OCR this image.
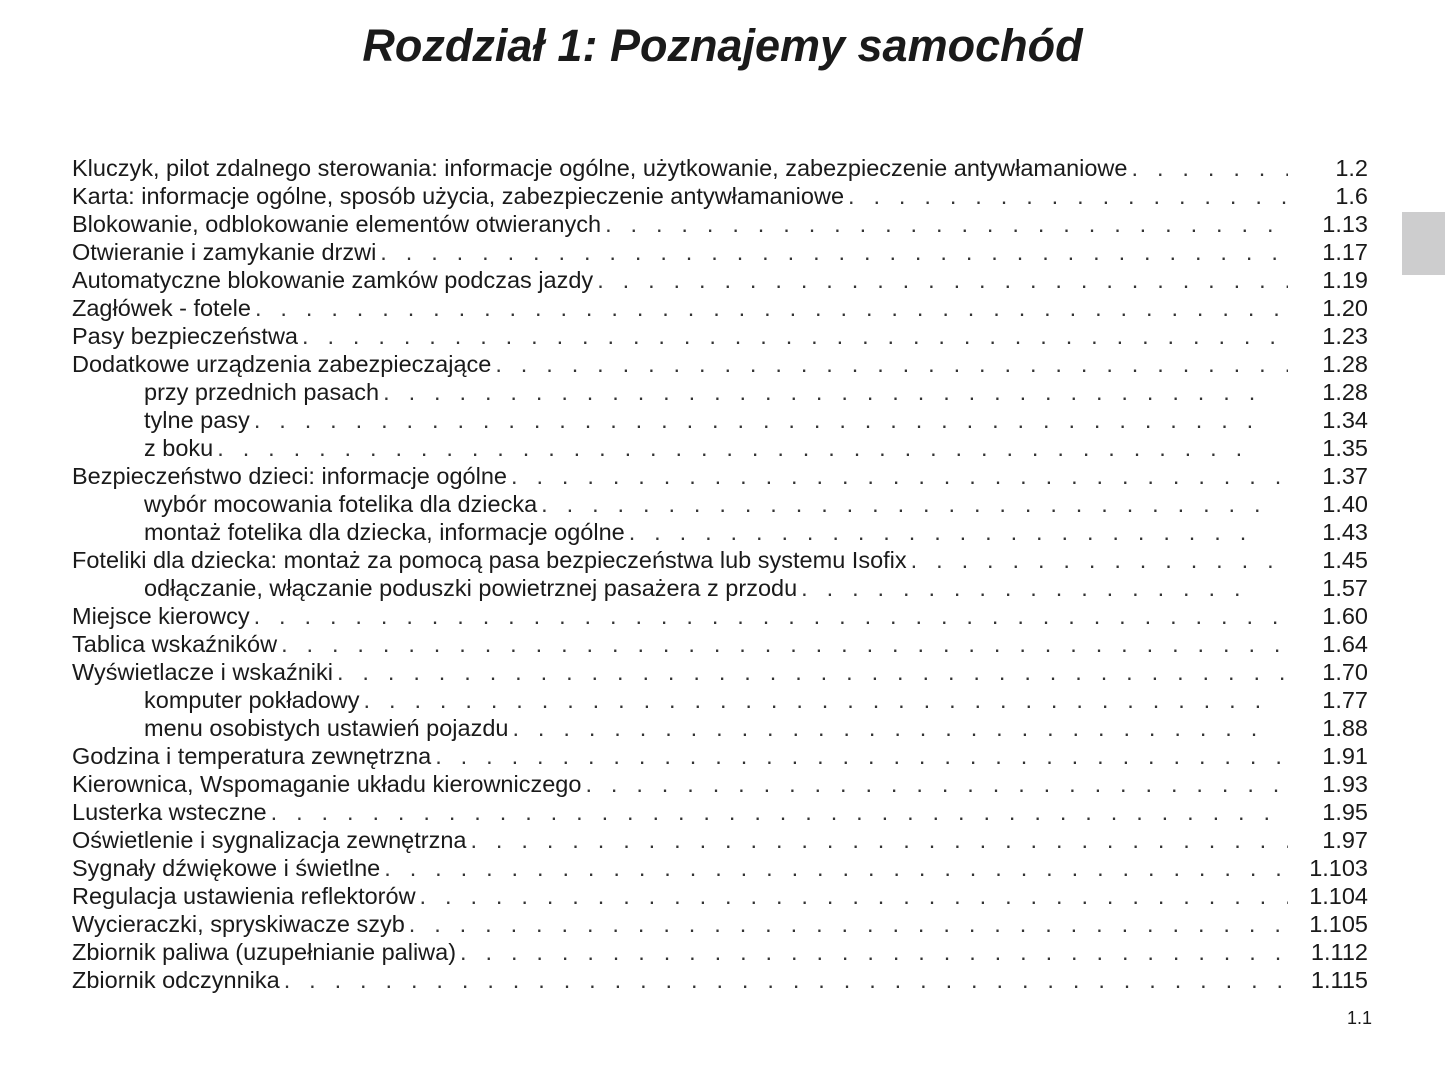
Rozdział 1: Poznajemy samochód
Kluczyk, pilot zdalnego sterowania: informacje ogólne, użytkowanie, zabezpieczenie antywłamaniowe . . .	1.2
Karta: informacje ogólne, sposób użycia, zabezpieczenie antywłamaniowe . . .	1.6
Blokowanie, odblokowanie elementów otwieranych . . .	1.13
Otwieranie i zamykanie drzwi . . .	1.17
Automatyczne blokowanie zamków podczas jazdy . . .	1.19
Zagłówek - fotele . . .	1.20
Pasy bezpieczeństwa . . .	1.23
Dodatkowe urządzenia zabezpieczające . . .	1.28
przy przednich pasach . . .	1.28
tylne pasy . . .	1.34
z boku . . .	1.35
Bezpieczeństwo dzieci: informacje ogólne . . .	1.37
wybór mocowania fotelika dla dziecka . . .	1.40
montaż fotelika dla dziecka, informacje ogólne . . .	1.43
Foteliki dla dziecka: montaż za pomocą pasa bezpieczeństwa lub systemu Isofix . . .	1.45
odłączanie, włączanie poduszki powietrznej pasażera z przodu . . .	1.57
Miejsce kierowcy . . .	1.60
Tablica wskaźników . . .	1.64
Wyświetlacze i wskaźniki . . .	1.70
komputer pokładowy . . .	1.77
menu osobistych ustawień pojazdu . . .	1.88
Godzina i temperatura zewnętrzna . . .	1.91
Kierownica, Wspomaganie układu kierowniczego . . .	1.93
Lusterka wsteczne . . .	1.95
Oświetlenie i sygnalizacja zewnętrzna . . .	1.97
Sygnały dźwiękowe i świetlne . . .	1.103
Regulacja ustawienia reflektorów . . .	1.104
Wycieraczki, spryskiwacze szyb . . .	1.105
Zbiornik paliwa (uzupełnianie paliwa) . . .	1.112
Zbiornik odczynnika . . .	1.115
1.1
